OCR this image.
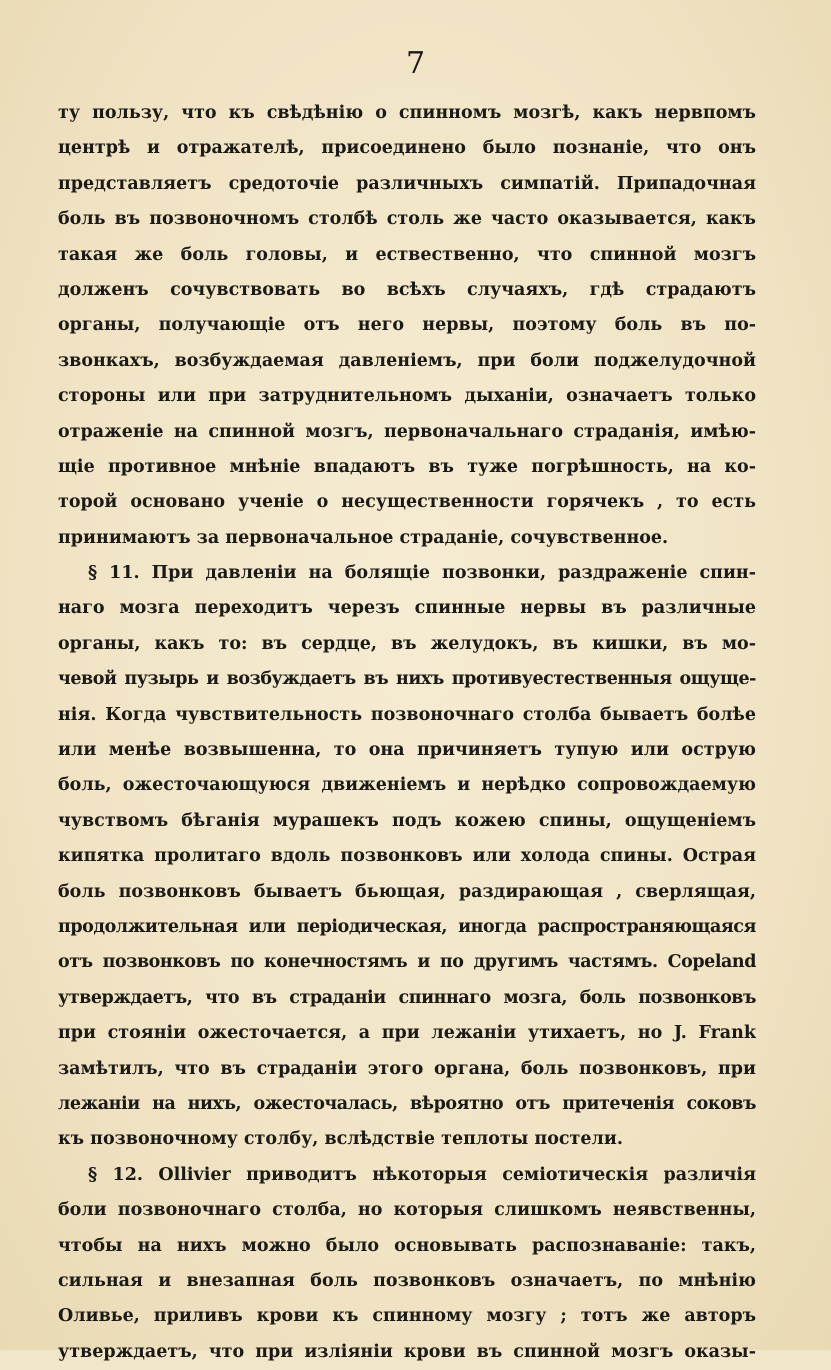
7
ту пользу, что къ свѣдѣнію о спинномъ мозгѣ, какъ нервпомъ
центрѣ и отражателѣ, присоединено было познаніе, что онъ
представляетъ средоточіе различныхъ симпатій. Припадочная
боль въ позвоночномъ столбѣ столь же часто оказывается, какъ
такая же боль головы, и ествественно, что спинной мозгъ
долженъ сочувствовать во всѣхъ случаяхъ, гдѣ страдаютъ
органы, получающіе отъ него нервы, поэтому боль въ по-
звонкахъ, возбуждаемая давленіемъ, при боли поджелудочной
стороны или при затруднительномъ дыханіи, означаетъ только
отраженіе на спинной мозгъ, первоначальнаго страданія, имѣю-
щіе противное мнѣніе впадаютъ въ туже погрѣшность, на ко-
торой основано ученіе о несущественности горячекъ , то есть
принимаютъ за первоначальное страданіе, сочувственное.
§ 11. При давленіи на болящіе позвонки, раздраженіе спин-
наго мозга переходитъ черезъ спинные нервы въ различные
органы, какъ то: въ сердце, въ желудокъ, въ кишки, въ мо-
чевой пузырь и возбуждаетъ въ нихъ противуестественныя ощуще-
нія. Когда чувствительность позвоночнаго столба бываетъ болѣе
или менѣе возвышенна, то она причиняетъ тупую или острую
боль, ожесточающуюся движеніемъ и нерѣдко сопровождаемую
чувствомъ бѣганія мурашекъ подъ кожею спины, ощущеніемъ
кипятка пролитаго вдоль позвонковъ или холода спины. Острая
боль позвонковъ бываетъ бьющая, раздирающая , сверлящая,
продолжительная или періодическая, иногда распространяющаяся
отъ позвонковъ по конечностямъ и по другимъ частямъ. Copeland
утверждаетъ, что въ страданіи спиннаго мозга, боль позвонковъ
при стояніи ожесточается, а при лежаніи утихаетъ, но J. Frank
замѣтилъ, что въ страданіи этого органа, боль позвонковъ, при
лежаніи на нихъ, ожесточалась, вѣроятно отъ притеченія соковъ
къ позвоночному столбу, вслѣдствіе теплоты постели.
§ 12. Ollivier приводитъ нѣкоторыя семіотическія различія
боли позвоночнаго столба, но которыя слишкомъ неявственны,
чтобы на нихъ можно было основывать распознаваніе: такъ,
сильная и внезапная боль позвонковъ означаетъ, по мнѣнію
Оливье, приливъ крови къ спинному мозгу ; тотъ же авторъ
утверждаетъ, что при изліяніи крови въ спинной мозгъ оказы-
